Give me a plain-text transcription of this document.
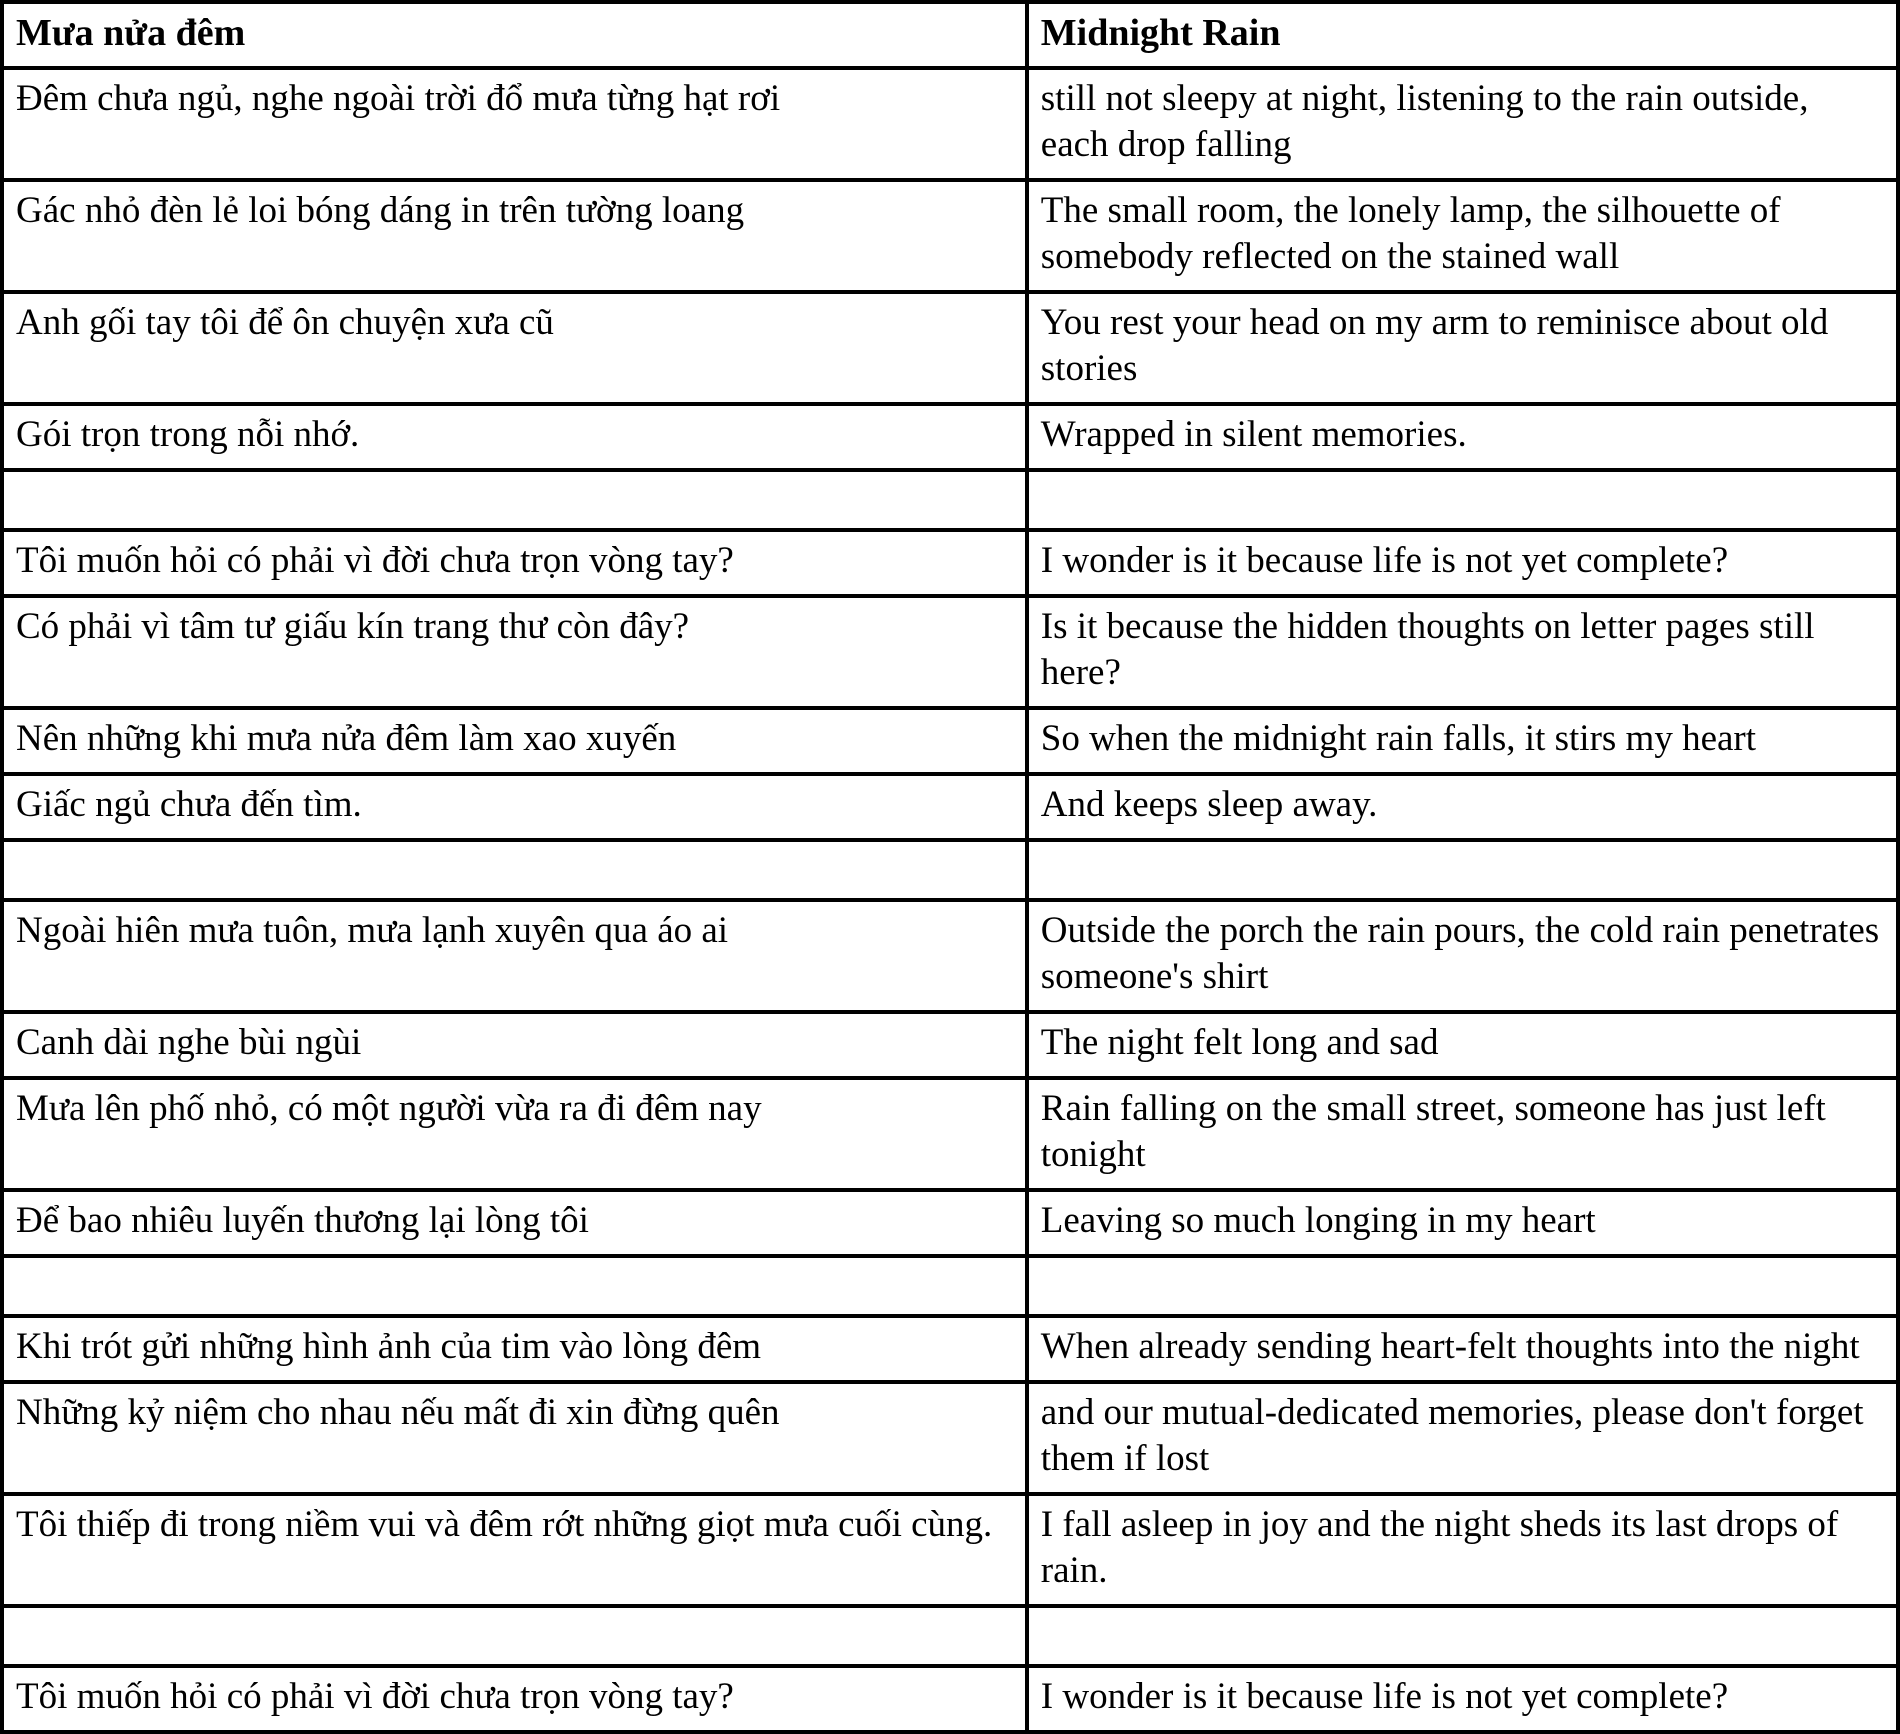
Mưa nửa đêm	Midnight Rain
Đêm chưa ngủ, nghe ngoài trời đổ mưa từng hạt rơi	still not sleepy at night, listening to the rain outside, each drop falling
Gác nhỏ đèn lẻ loi bóng dáng in trên tường loang	The small room, the lonely lamp, the silhouette of somebody reflected on the stained wall
Anh gối tay tôi để ôn chuyện xưa cũ	You rest your head on my arm to reminisce about old stories
Gói trọn trong nỗi nhớ.	Wrapped in silent memories.

Tôi muốn hỏi có phải vì đời chưa trọn vòng tay?	I wonder is it because life is not yet complete?
Có phải vì tâm tư giấu kín trang thư còn đây?	Is it because the hidden thoughts on letter pages still here?
Nên những khi mưa nửa đêm làm xao xuyến	So when the midnight rain falls, it stirs my heart
Giấc ngủ chưa đến tìm.	And keeps sleep away.

Ngoài hiên mưa tuôn, mưa lạnh xuyên qua áo ai	Outside the porch the rain pours, the cold rain penetrates someone's shirt
Canh dài nghe bùi ngùi	The night felt long and sad
Mưa lên phố nhỏ, có một người vừa ra đi đêm nay	Rain falling on the small street, someone has just left tonight
Để bao nhiêu luyến thương lại lòng tôi	Leaving so much longing in my heart

Khi trót gửi những hình ảnh của tim vào lòng đêm	When already sending heart-felt thoughts into the night
Những kỷ niệm cho nhau nếu mất đi xin đừng quên	and our mutual-dedicated memories, please don't forget them if lost
Tôi thiếp đi trong niềm vui và đêm rớt những giọt mưa cuối cùng.	I fall asleep in joy and the night sheds its last drops of rain.

Tôi muốn hỏi có phải vì đời chưa trọn vòng tay?	I wonder is it because life is not yet complete?
